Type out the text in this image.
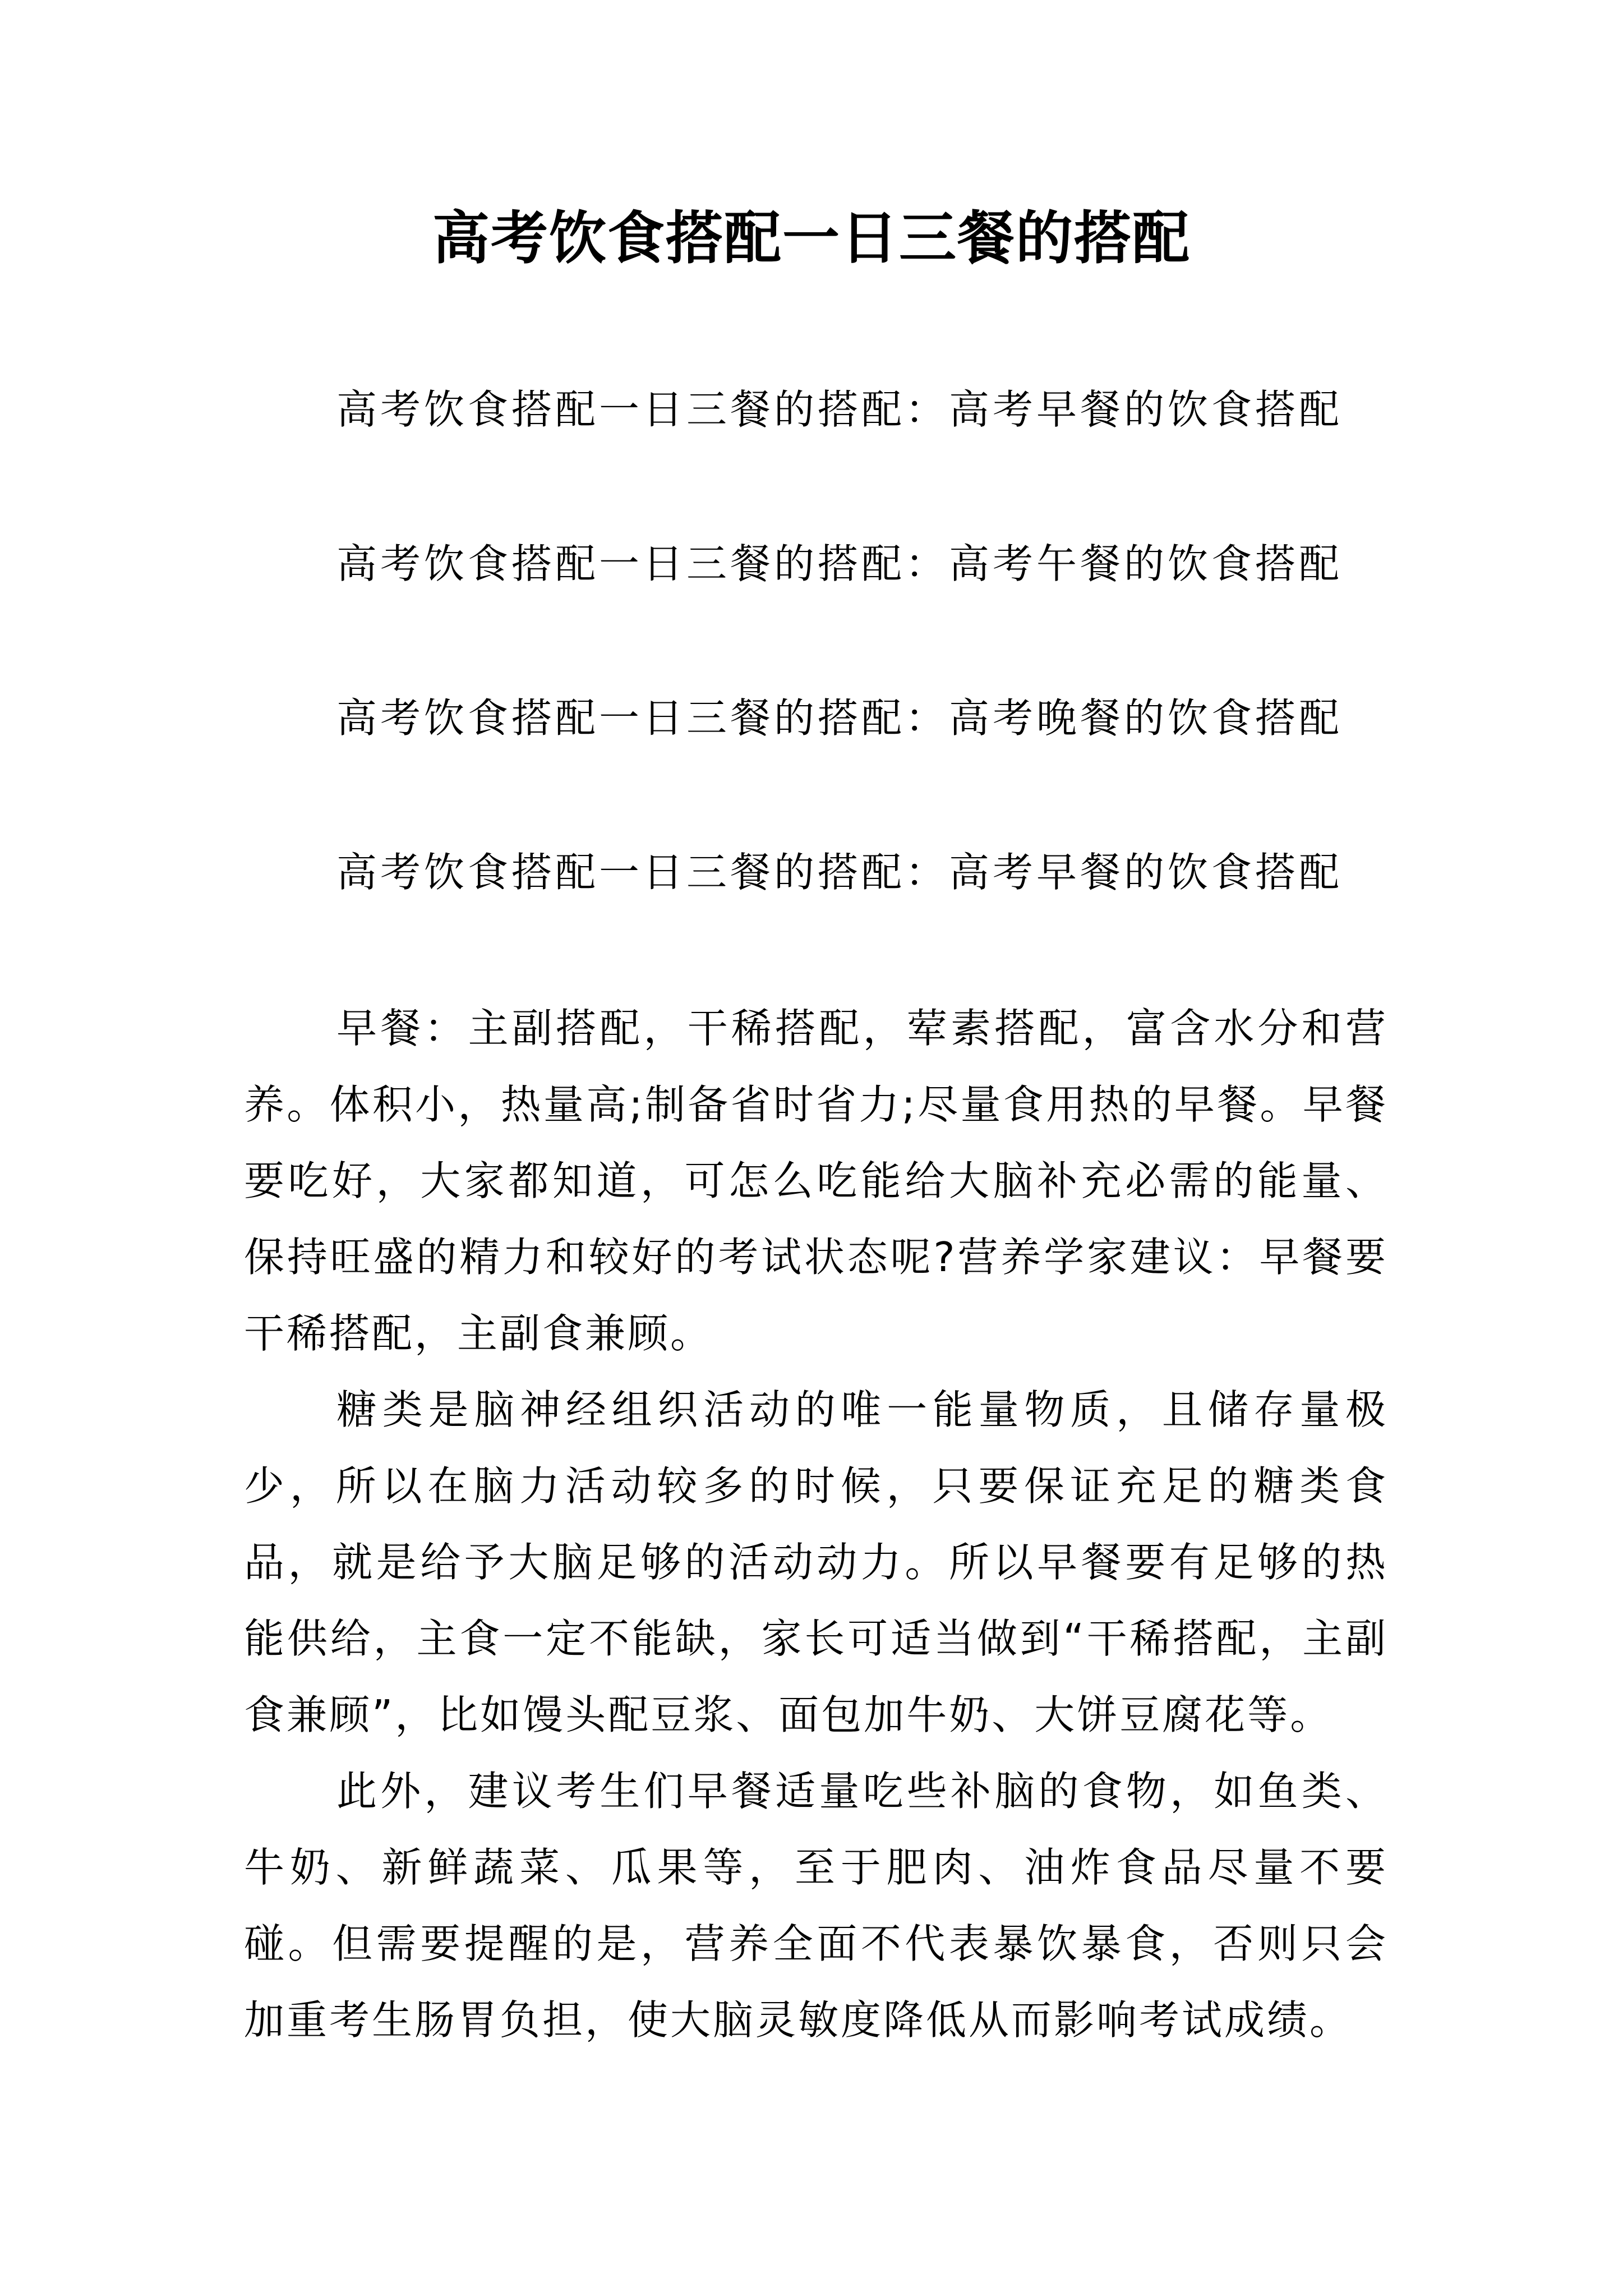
高考饮食搭配一日三餐的搭配

高考饮食搭配一日三餐的搭配：高考早餐的饮食搭配

高考饮食搭配一日三餐的搭配：高考午餐的饮食搭配

高考饮食搭配一日三餐的搭配：高考晚餐的饮食搭配

高考饮食搭配一日三餐的搭配：高考早餐的饮食搭配

早餐：主副搭配，干稀搭配，荤素搭配，富含水分和营养。体积小，热量高;制备省时省力;尽量食用热的早餐。早餐要吃好，大家都知道，可怎么吃能给大脑补充必需的能量、保持旺盛的精力和较好的考试状态呢?营养学家建议：早餐要干稀搭配，主副食兼顾。

糖类是脑神经组织活动的唯一能量物质，且储存量极少，所以在脑力活动较多的时候，只要保证充足的糖类食品，就是给予大脑足够的活动动力。所以早餐要有足够的热能供给，主食一定不能缺，家长可适当做到“干稀搭配，主副食兼顾”，比如馒头配豆浆、面包加牛奶、大饼豆腐花等。

此外，建议考生们早餐适量吃些补脑的食物，如鱼类、牛奶、新鲜蔬菜、瓜果等，至于肥肉、油炸食品尽量不要碰。但需要提醒的是，营养全面不代表暴饮暴食，否则只会加重考生肠胃负担，使大脑灵敏度降低从而影响考试成绩。
